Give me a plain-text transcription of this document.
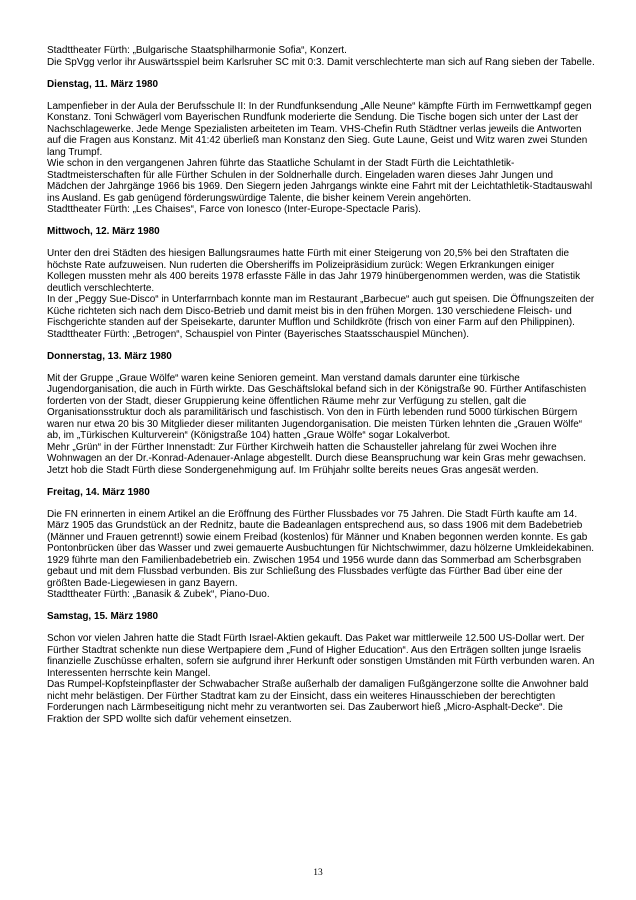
Stadttheater Fürth: „Bulgarische Staatsphilharmonie Sofia“, Konzert.

Die SpVgg verlor ihr Auswärtsspiel beim Karlsruher SC mit 0:3. Damit verschlechterte man sich auf Rang sieben der Tabelle.

Dienstag, 11. März 1980

Lampenfieber in der Aula der Berufsschule II: In der Rundfunksendung „Alle Neune“ kämpfte Fürth im Fernwettkampf gegen Konstanz. Toni Schwägerl vom Bayerischen Rundfunk moderierte die Sendung. Die Tische bogen sich unter der Last der Nachschlagewerke. Jede Menge Spezialisten arbeiteten im Team. VHS-Chefin Ruth Städtner verlas jeweils die Antworten auf die Fragen aus Konstanz. Mit 41:42 überließ man Konstanz den Sieg. Gute Laune, Geist und Witz waren zwei Stunden lang Trumpf.

Wie schon in den vergangenen Jahren führte das Staatliche Schulamt in der Stadt Fürth die Leichtathletik-Stadtmeisterschaften für alle Fürther Schulen in der Soldnerhalle durch. Eingeladen waren dieses Jahr Jungen und Mädchen der Jahrgänge 1966 bis 1969. Den Siegern jeden Jahrgangs winkte eine Fahrt mit der Leichtathletik-Stadtauswahl ins Ausland. Es gab genügend förderungswürdige Talente, die bisher keinem Verein angehörten.

Stadttheater Fürth: „Les Chaises“, Farce von Ionesco (Inter-Europe-Spectacle Paris).

Mittwoch, 12. März 1980

Unter den drei Städten des hiesigen Ballungsraumes hatte Fürth mit einer Steigerung von 20,5% bei den Straftaten die höchste Rate aufzuweisen. Nun ruderten die Obersheriffs im Polizeipräsidium zurück: Wegen Erkrankungen einiger Kollegen mussten mehr als 400 bereits 1978 erfasste Fälle in das Jahr 1979 hinübergenommen werden, was die Statistik deutlich verschlechterte.

In der „Peggy Sue-Disco“ in Unterfarrnbach konnte man im Restaurant „Barbecue“ auch gut speisen. Die Öffnungszeiten der Küche richteten sich nach dem Disco-Betrieb und damit meist bis in den frühen Morgen. 130 verschiedene Fleisch- und Fischgerichte standen auf der Speisekarte, darunter Mufflon und Schildkröte (frisch von einer Farm auf den Philippinen).

Stadttheater Fürth: „Betrogen“, Schauspiel von Pinter (Bayerisches Staatsschauspiel München).

Donnerstag, 13. März 1980

Mit der Gruppe „Graue Wölfe“ waren keine Senioren gemeint. Man verstand damals darunter eine türkische Jugendorganisation, die auch in Fürth wirkte. Das Geschäftslokal befand sich in der Königstraße 90. Fürther Antifaschisten forderten von der Stadt, dieser Gruppierung keine öffentlichen Räume mehr zur Verfügung zu stellen, galt die Organisationsstruktur doch als paramilitärisch und faschistisch. Von den in Fürth lebenden rund 5000 türkischen Bürgern waren nur etwa 20 bis 30 Mitglieder dieser militanten Jugendorganisation. Die meisten Türken lehnten die „Grauen Wölfe“ ab, im „Türkischen Kulturverein“ (Königstraße 104) hatten „Graue Wölfe“ sogar Lokalverbot.

Mehr „Grün“ in der Fürther Innenstadt: Zur Fürther Kirchweih hatten die Schausteller jahrelang für zwei Wochen ihre Wohnwagen an der Dr.-Konrad-Adenauer-Anlage abgestellt. Durch diese Beanspruchung war kein Gras mehr gewachsen. Jetzt hob die Stadt Fürth diese Sondergenehmigung auf. Im Frühjahr sollte bereits neues Gras angesät werden.

Freitag, 14. März 1980

Die FN erinnerten in einem Artikel an die Eröffnung des Fürther Flussbades vor 75 Jahren. Die Stadt Fürth kaufte am 14. März 1905 das Grundstück an der Rednitz, baute die Badeanlagen entsprechend aus, so dass 1906 mit dem Badebetrieb (Männer und Frauen getrennt!) sowie einem Freibad (kostenlos) für Männer und Knaben begonnen werden konnte. Es gab Pontonbrücken über das Wasser und zwei gemauerte Ausbuchtungen für Nichtschwimmer, dazu hölzerne Umkleidekabinen. 1929 führte man den Familienbadebetrieb ein. Zwischen 1954 und 1956 wurde dann das Sommerbad am Scherbsgraben gebaut und mit dem Flussbad verbunden. Bis zur Schließung des Flussbades verfügte das Fürther Bad über eine der größten Bade-Liegewiesen in ganz Bayern.

Stadttheater Fürth: „Banasik & Zubek“, Piano-Duo.

Samstag, 15. März 1980

Schon vor vielen Jahren hatte die Stadt Fürth Israel-Aktien gekauft. Das Paket war mittlerweile 12.500 US-Dollar wert. Der Fürther Stadtrat schenkte nun diese Wertpapiere dem „Fund of Higher Education“. Aus den Erträgen sollten junge Israelis finanzielle Zuschüsse erhalten, sofern sie aufgrund ihrer Herkunft oder sonstigen Umständen mit Fürth verbunden waren. An Interessenten herrschte kein Mangel.

Das Rumpel-Kopfsteinpflaster der Schwabacher Straße außerhalb der damaligen Fußgängerzone sollte die Anwohner bald nicht mehr belästigen. Der Fürther Stadtrat kam zu der Einsicht, dass ein weiteres Hinausschieben der berechtigten Forderungen nach Lärmbeseitigung nicht mehr zu verantworten sei. Das Zauberwort hieß „Micro-Asphalt-Decke“. Die Fraktion der SPD wollte sich dafür vehement einsetzen.

13
